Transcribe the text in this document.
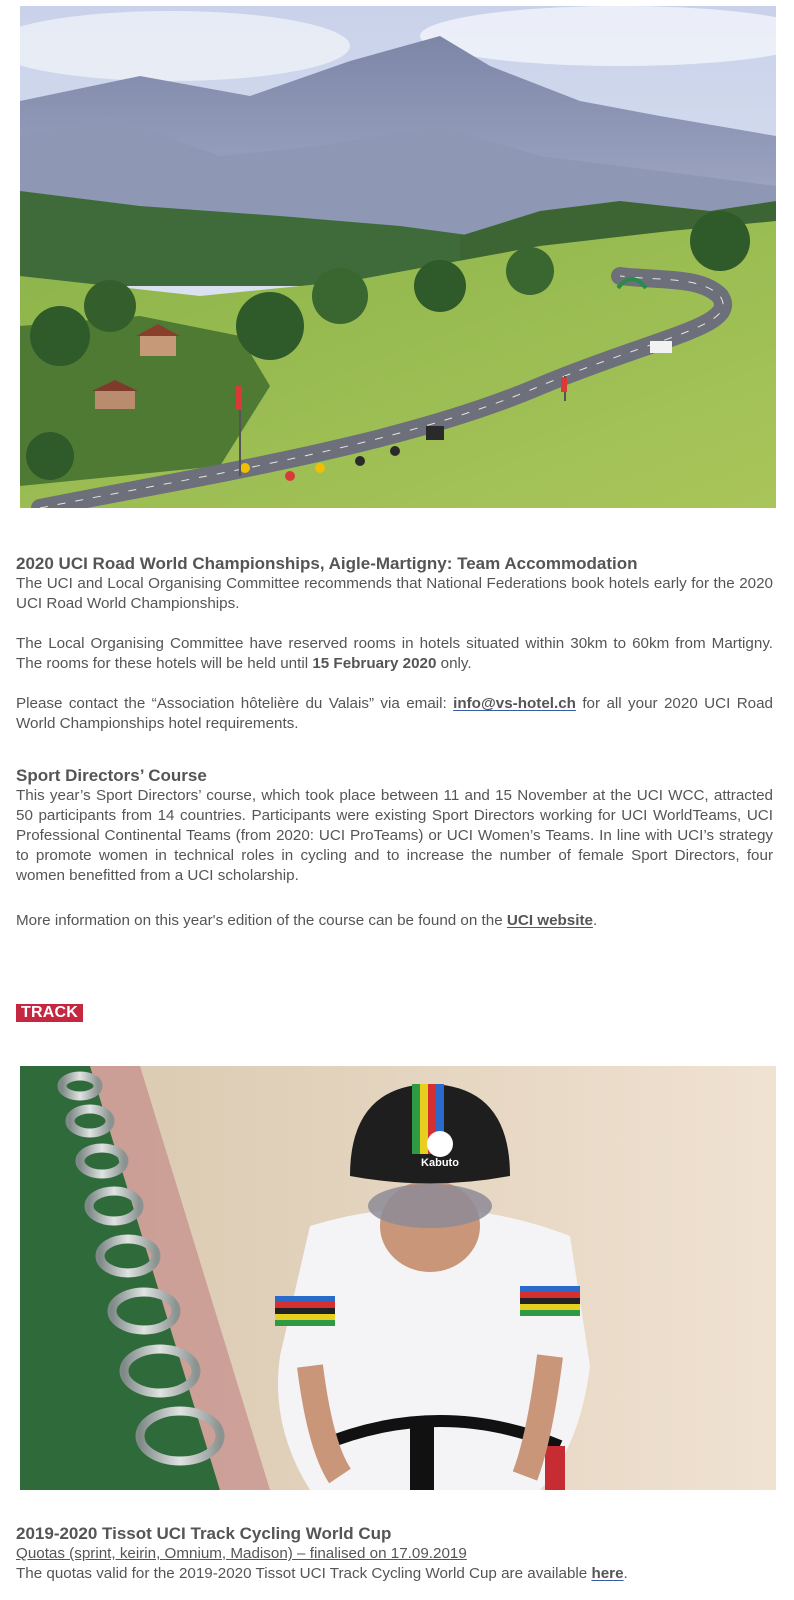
2020 UCI Road World Championships, Aigle-Martigny: Team Accommodation

The UCI and Local Organising Committee recommends that National Federations book hotels early for the 2020 UCI Road World Championships.

The Local Organising Committee have reserved rooms in hotels situated within 30km to 60km from Martigny. The rooms for these hotels will be held until 15 February 2020 only.

Please contact the “Association hôtelière du Valais” via email: info@vs-hotel.ch for all your 2020 UCI Road World Championships hotel requirements.

Sport Directors’ Course

This year’s Sport Directors’ course, which took place between 11 and 15 November at the UCI WCC, attracted 50 participants from 14 countries. Participants were existing Sport Directors working for UCI WorldTeams, UCI Professional Continental Teams (from 2020: UCI ProTeams) or UCI Women’s Teams. In line with UCI’s strategy to promote women in technical roles in cycling and to increase the number of female Sport Directors, four women benefitted from a UCI scholarship.

More information on this year's edition of the course can be found on the UCI website.

TRACK
Kabuto
2019-2020 Tissot UCI Track Cycling World Cup

Quotas (sprint, keirin, Omnium, Madison) – finalised on 17.09.2019

The quotas valid for the 2019-2020 Tissot UCI Track Cycling World Cup are available here.
